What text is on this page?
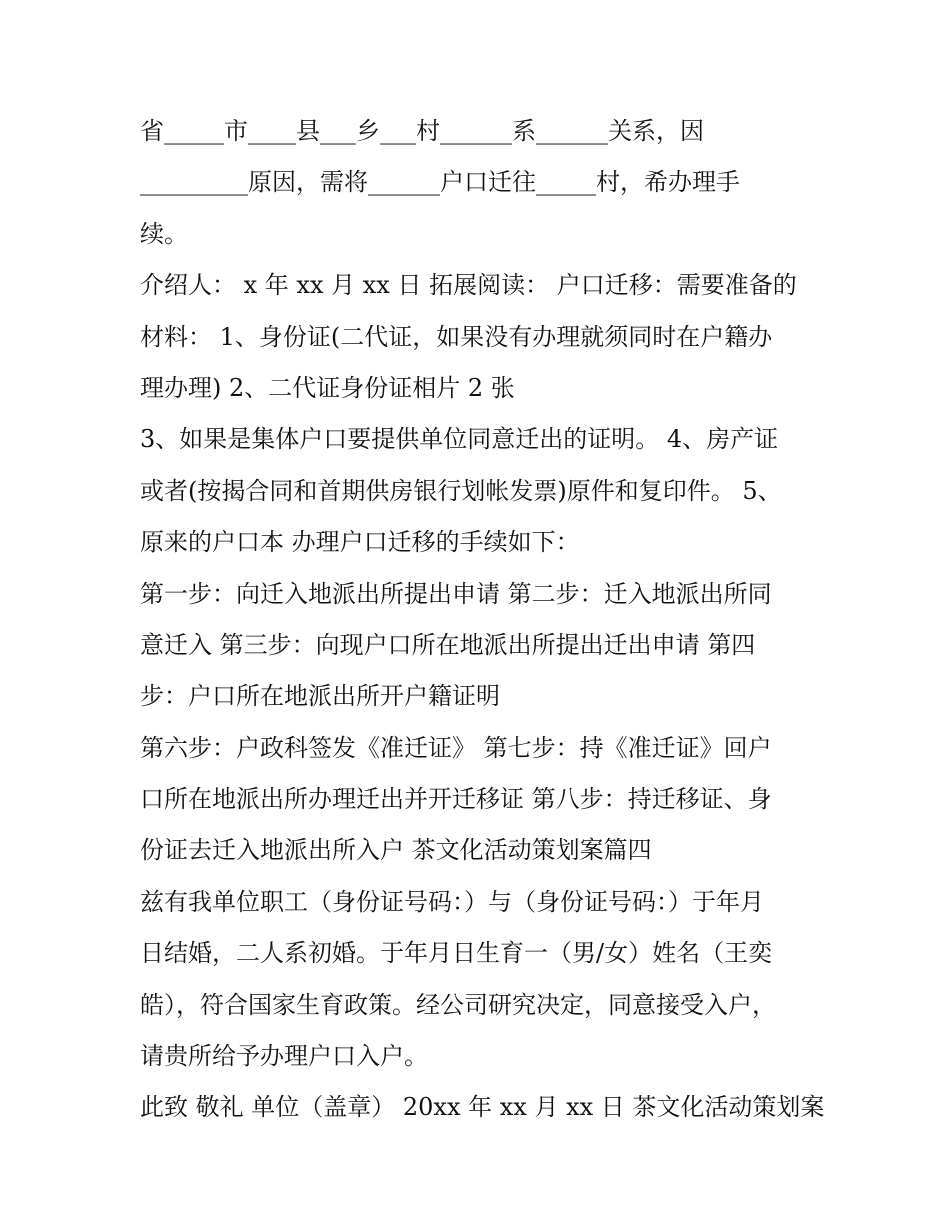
省_____市____县___乡___村______系______关系，因
_________原因，需将______户口迁往_____村，希办理手
续。
介绍人： x 年 xx 月 xx 日 拓展阅读： 户口迁移：需要准备的
材料： 1、身份证(二代证，如果没有办理就须同时在户籍办
理办理) 2、二代证身份证相片 2 张
3、如果是集体户口要提供单位同意迁出的证明。 4、房产证
或者(按揭合同和首期供房银行划帐发票)原件和复印件。 5、
原来的户口本 办理户口迁移的手续如下：
第一步：向迁入地派出所提出申请 第二步：迁入地派出所同
意迁入 第三步：向现户口所在地派出所提出迁出申请 第四
步：户口所在地派出所开户籍证明
第六步：户政科签发《准迁证》 第七步：持《准迁证》回户
口所在地派出所办理迁出并开迁移证 第八步：持迁移证、身
份证去迁入地派出所入户 茶文化活动策划案篇四
兹有我单位职工（身份证号码：）与（身份证号码：）于年月
日结婚，二人系初婚。于年月日生育一（男/女）姓名（王奕
皓），符合国家生育政策。经公司研究决定，同意接受入户，
请贵所给予办理户口入户。
此致 敬礼 单位（盖章） 20xx 年 xx 月 xx 日 茶文化活动策划案
